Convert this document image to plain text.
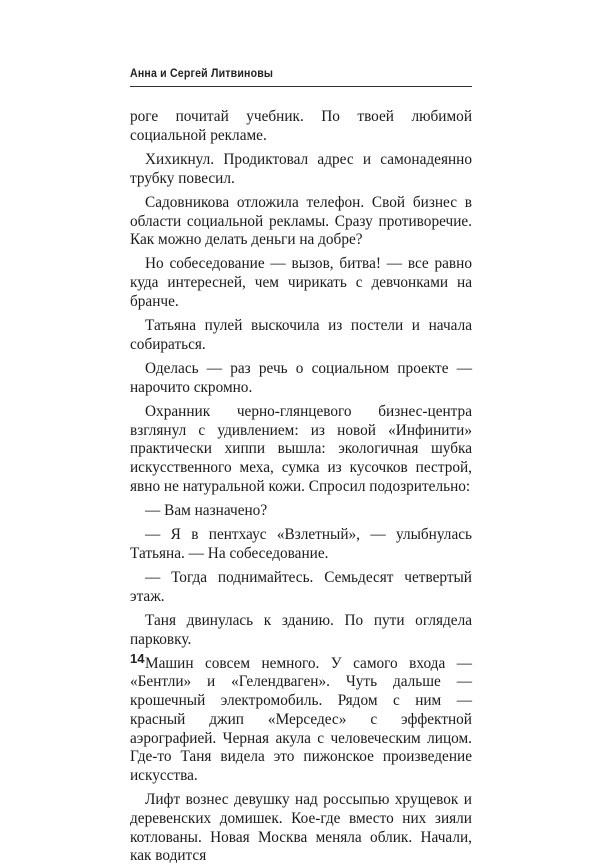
Анна и Сергей Литвиновы

роге почитай учебник. По твоей любимой социальной рекламе.

Хихикнул. Продиктовал адрес и самонадеянно трубку повесил.

Садовникова отложила телефон. Свой бизнес в области социальной рекламы. Сразу противоречие. Как можно делать деньги на добре?

Но собеседование — вызов, битва! — все равно куда интересней, чем чирикать с девчонками на бранче.

Татьяна пулей выскочила из постели и начала собираться.

Оделась — раз речь о социальном проекте — нарочито скромно.

Охранник черно-глянцевого бизнес-центра взглянул с удивлением: из новой «Инфинити» практически хиппи вышла: экологичная шубка искусственного меха, сумка из кусочков пестрой, явно не натуральной кожи. Спросил подозрительно:

— Вам назначено?

— Я в пентхаус «Взлетный», — улыбнулась Татьяна. — На собеседование.

— Тогда поднимайтесь. Семьдесят четвертый этаж.

Таня двинулась к зданию. По пути оглядела парковку.

Машин совсем немного. У самого входа — «Бентли» и «Гелендваген». Чуть дальше — крошечный электромобиль. Рядом с ним — красный джип «Мерседес» с эффектной аэрографией. Черная акула с человеческим лицом. Где-то Таня видела это пижонское произведение искусства.

Лифт вознес девушку над россыпью хрущевок и деревенских домишек. Кое-где вместо них зияли котлованы. Новая Москва меняла облик. Начали, как водится

14
